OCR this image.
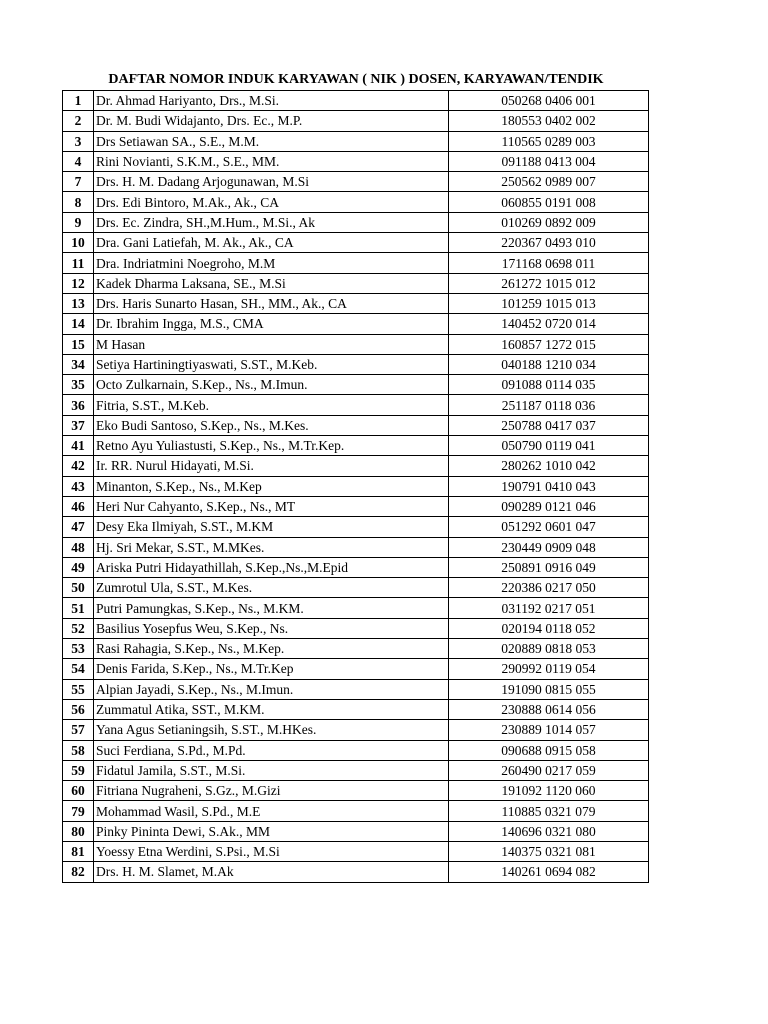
DAFTAR NOMOR INDUK KARYAWAN ( NIK ) DOSEN, KARYAWAN/TENDIK
1	Dr. Ahmad Hariyanto, Drs., M.Si.	050268 0406 001
2	Dr. M. Budi Widajanto, Drs. Ec., M.P.	180553 0402 002
3	Drs Setiawan SA., S.E., M.M.	110565 0289 003
4	Rini Novianti, S.K.M., S.E., MM.	091188 0413 004
7	Drs. H. M. Dadang Arjogunawan, M.Si	250562 0989 007
8	Drs. Edi Bintoro, M.Ak., Ak., CA	060855 0191 008
9	Drs. Ec. Zindra, SH.,M.Hum., M.Si., Ak	010269 0892 009
10	Dra. Gani Latiefah, M. Ak., Ak., CA	220367 0493 010
11	Dra. Indriatmini Noegroho, M.M	171168 0698 011
12	Kadek Dharma Laksana, SE., M.Si	261272 1015 012
13	Drs. Haris Sunarto Hasan, SH., MM., Ak., CA	101259 1015 013
14	Dr. Ibrahim Ingga, M.S., CMA	140452 0720 014
15	M Hasan	160857 1272 015
34	Setiya Hartiningtiyaswati, S.ST., M.Keb.	040188 1210 034
35	Octo Zulkarnain, S.Kep., Ns., M.Imun.	091088 0114 035
36	Fitria, S.ST., M.Keb.	251187 0118 036
37	Eko Budi Santoso, S.Kep., Ns., M.Kes.	250788 0417 037
41	Retno Ayu Yuliastusti, S.Kep., Ns., M.Tr.Kep.	050790 0119 041
42	Ir. RR. Nurul Hidayati, M.Si.	280262 1010 042
43	Minanton, S.Kep., Ns., M.Kep	190791 0410 043
46	Heri Nur Cahyanto, S.Kep., Ns., MT	090289 0121 046
47	Desy Eka Ilmiyah, S.ST., M.KM	051292 0601 047
48	Hj. Sri Mekar, S.ST., M.MKes.	230449 0909 048
49	Ariska Putri Hidayathillah, S.Kep.,Ns.,M.Epid	250891 0916 049
50	Zumrotul Ula, S.ST., M.Kes.	220386 0217 050
51	Putri Pamungkas, S.Kep., Ns., M.KM.	031192 0217 051
52	Basilius Yosepfus Weu, S.Kep., Ns.	020194 0118 052
53	Rasi Rahagia, S.Kep., Ns., M.Kep.	020889 0818 053
54	Denis Farida, S.Kep., Ns., M.Tr.Kep	290992 0119 054
55	Alpian Jayadi, S.Kep., Ns., M.Imun.	191090 0815 055
56	Zummatul Atika, SST., M.KM.	230888 0614 056
57	Yana Agus Setianingsih, S.ST., M.HKes.	230889 1014 057
58	Suci Ferdiana, S.Pd., M.Pd.	090688 0915 058
59	Fidatul Jamila, S.ST., M.Si.	260490 0217 059
60	Fitriana Nugraheni, S.Gz., M.Gizi	191092 1120 060
79	Mohammad Wasil, S.Pd., M.E	110885 0321 079
80	Pinky Pininta Dewi, S.Ak., MM	140696 0321 080
81	Yoessy Etna Werdini, S.Psi., M.Si	140375 0321 081
82	Drs. H. M. Slamet, M.Ak	140261 0694 082
